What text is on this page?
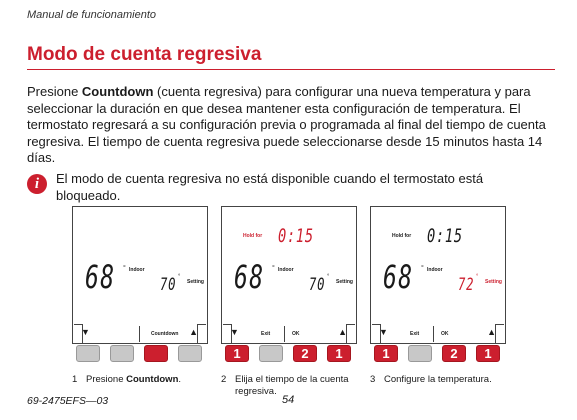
Manual de funcionamiento
Modo de cuenta regresiva

Presione Countdown (cuenta regresiva) para configurar una nueva temperatura y para seleccionar la duración en que desea mantener esta configuración de temperatura. El termostato regresará a su configuración previa o programada al final del tiempo de cuenta regresiva. El tiempo de cuenta regresiva puede seleccionarse desde 15 minutos hasta 14 días.

i	El modo de cuenta regresiva no está disponible cuando el termostato está bloqueado.

68 ° Indoor
70 °
Setting
▼	Countdown ▲
Hold for 0:15
68 ° Indoor
70 °
Setting
▼	Exit	OK	▲
Hold for 0:15
68 ° Indoor
72 °
Setting
▼	Exit	OK	▲
1	2	1	1	2	1
1 Presione Countdown.	2 Elija el tiempo de la cuenta regresiva.
3 Configure la temperatura.
69-2475EFS—03	54
